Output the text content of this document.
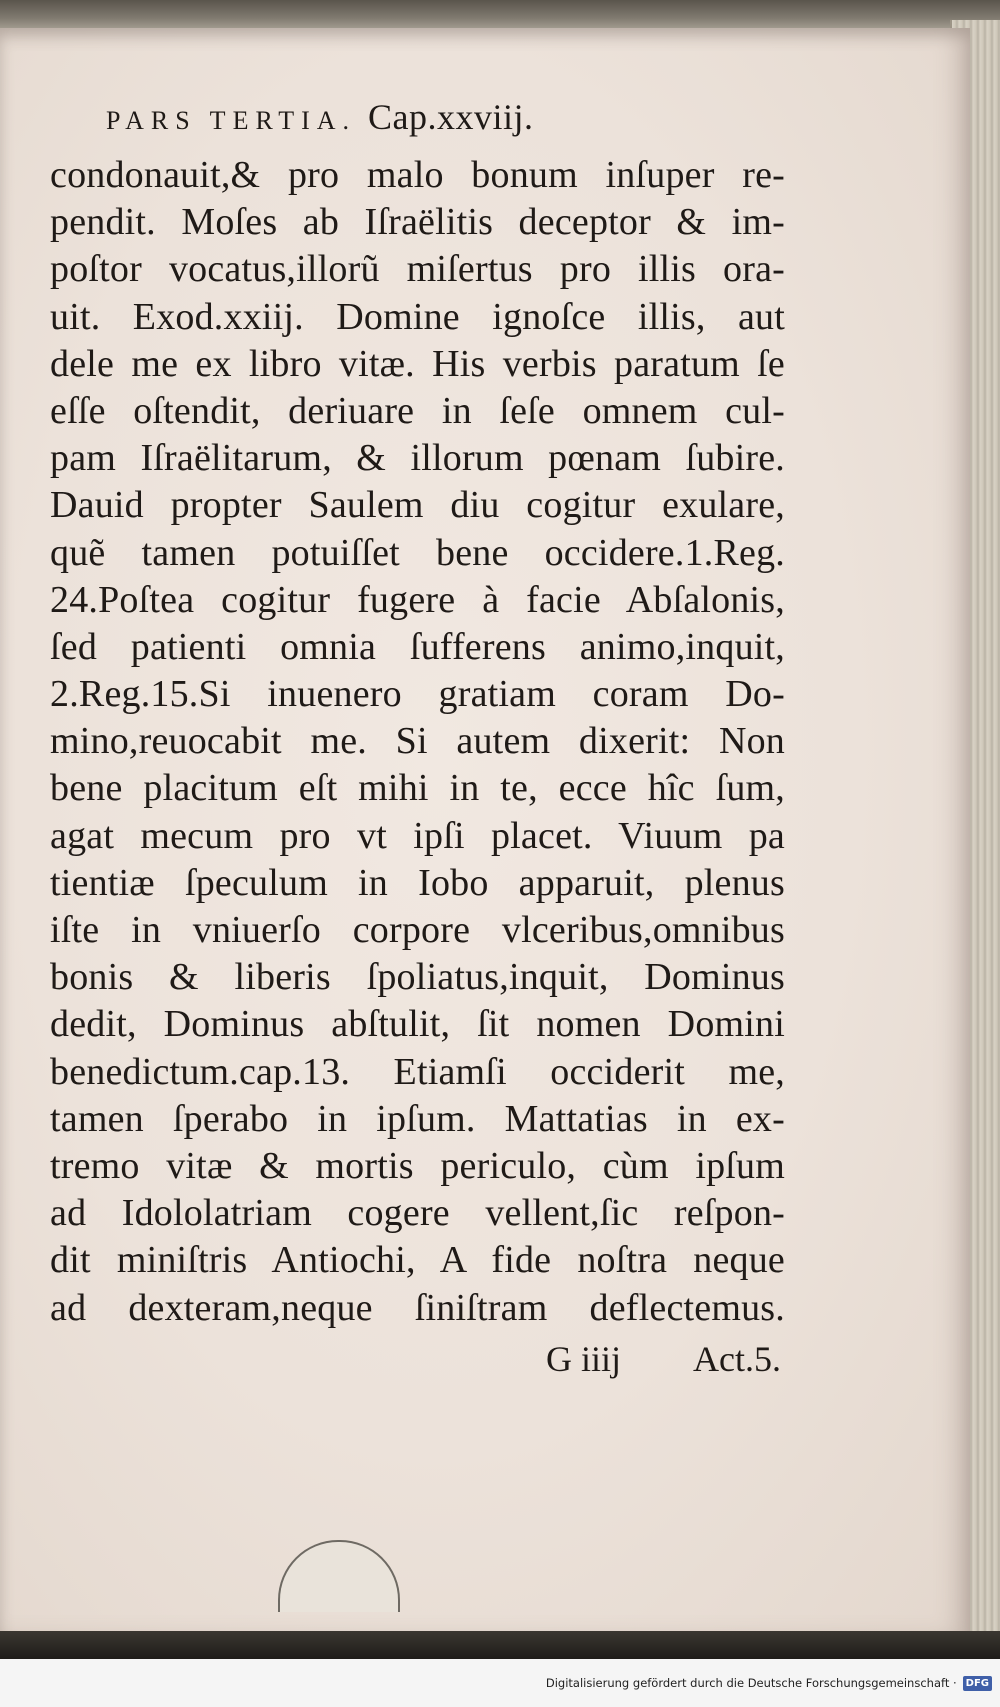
PARS TERTIA. Cap.xxviij.
condonauit,& pro malo bonum inſuper re-
pendit. Moſes ab Iſraëlitis deceptor & im-
poſtor vocatus,illorũ miſertus pro illis ora-
uit. Exod.xxiij. Domine ignoſce illis, aut
dele me ex libro vitæ. His verbis paratum ſe
eſſe oſtendit, deriuare in ſeſe omnem cul-
pam Iſraëlitarum, & illorum pœnam ſubire.
Dauid propter Saulem diu cogitur exulare,
quẽ tamen potuiſſet bene occidere.1.Reg.
24.Poſtea cogitur fugere à facie Abſalonis,
ſed patienti omnia ſufferens animo,inquit,
2.Reg.15.Si inuenero gratiam coram Do-
mino,reuocabit me. Si autem dixerit: Non
bene placitum eſt mihi in te, ecce hîc ſum,
agat mecum pro vt ipſi placet. Viuum pa
tientiæ ſpeculum in Iobo apparuit, plenus
iſte in vniuerſo corpore vlceribus,omnibus
bonis & liberis ſpoliatus,inquit, Dominus
dedit, Dominus abſtulit, ſit nomen Domini
benedictum.cap.13. Etiamſi occiderit me,
tamen ſperabo in ipſum. Mattatias in ex-
tremo vitæ & mortis periculo, cùm ipſum
ad Idololatriam cogere vellent,ſic reſpon-
dit miniſtris Antiochi, A fide noſtra neque
ad dexteram,neque ſiniſtram deflectemus.
G iiij Act.5.
Digitalisierung gefördert durch die Deutsche Forschungsgemeinschaft · DFG
